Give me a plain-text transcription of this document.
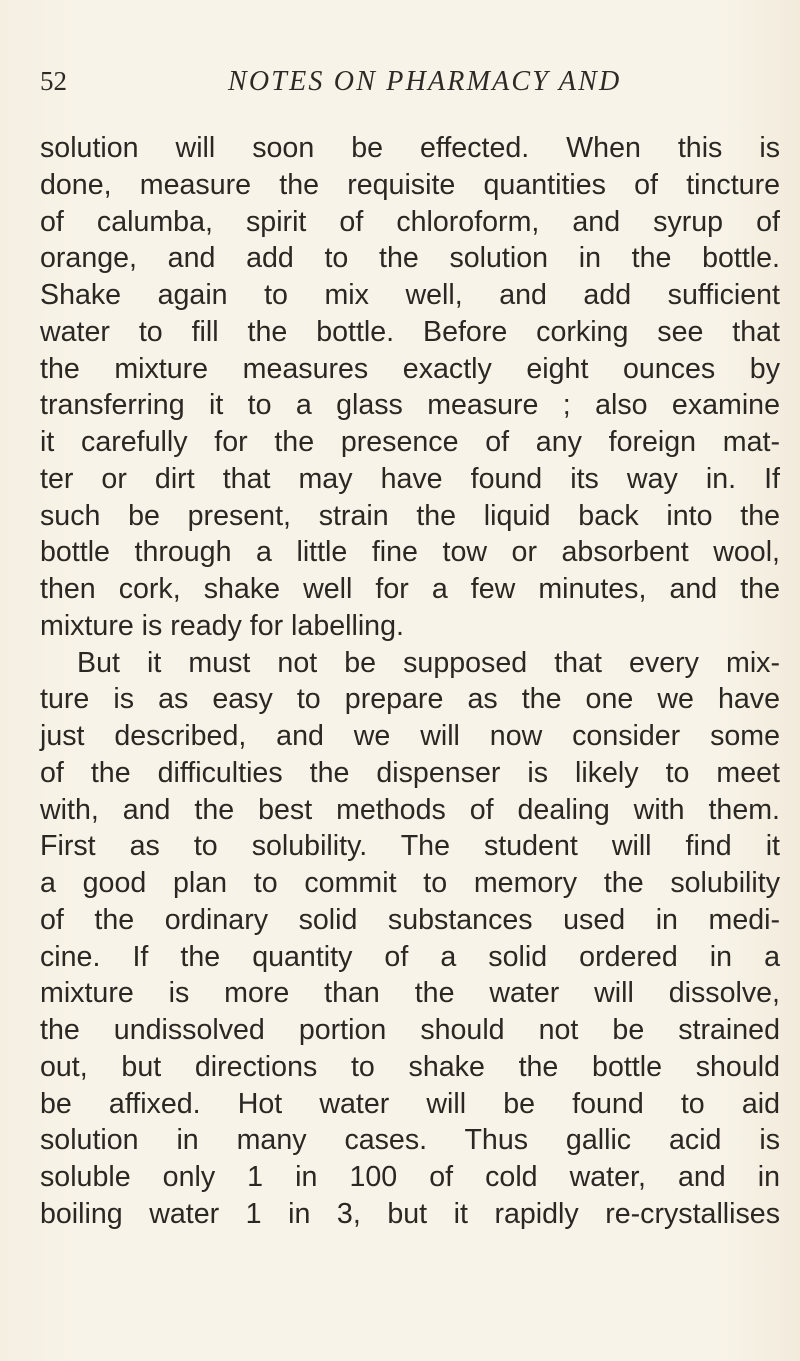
52	NOTES ON PHARMACY AND
solution will soon be effected. When this is
done, measure the requisite quantities of tincture
of calumba, spirit of chloroform, and syrup of
orange, and add to the solution in the bottle.
Shake again to mix well, and add sufficient
water to fill the bottle. Before corking see that
the mixture measures exactly eight ounces by
transferring it to a glass measure ; also examine
it carefully for the presence of any foreign mat-
ter or dirt that may have found its way in. If
such be present, strain the liquid back into the
bottle through a little fine tow or absorbent wool,
then cork, shake well for a few minutes, and the
mixture is ready for labelling.
But it must not be supposed that every mix-
ture is as easy to prepare as the one we have
just described, and we will now consider some
of the difficulties the dispenser is likely to meet
with, and the best methods of dealing with them.
First as to solubility. The student will find it
a good plan to commit to memory the solubility
of the ordinary solid substances used in medi-
cine. If the quantity of a solid ordered in a
mixture is more than the water will dissolve,
the undissolved portion should not be strained
out, but directions to shake the bottle should
be affixed. Hot water will be found to aid
solution in many cases. Thus gallic acid is
soluble only 1 in 100 of cold water, and in
boiling water 1 in 3, but it rapidly re-crystallises
